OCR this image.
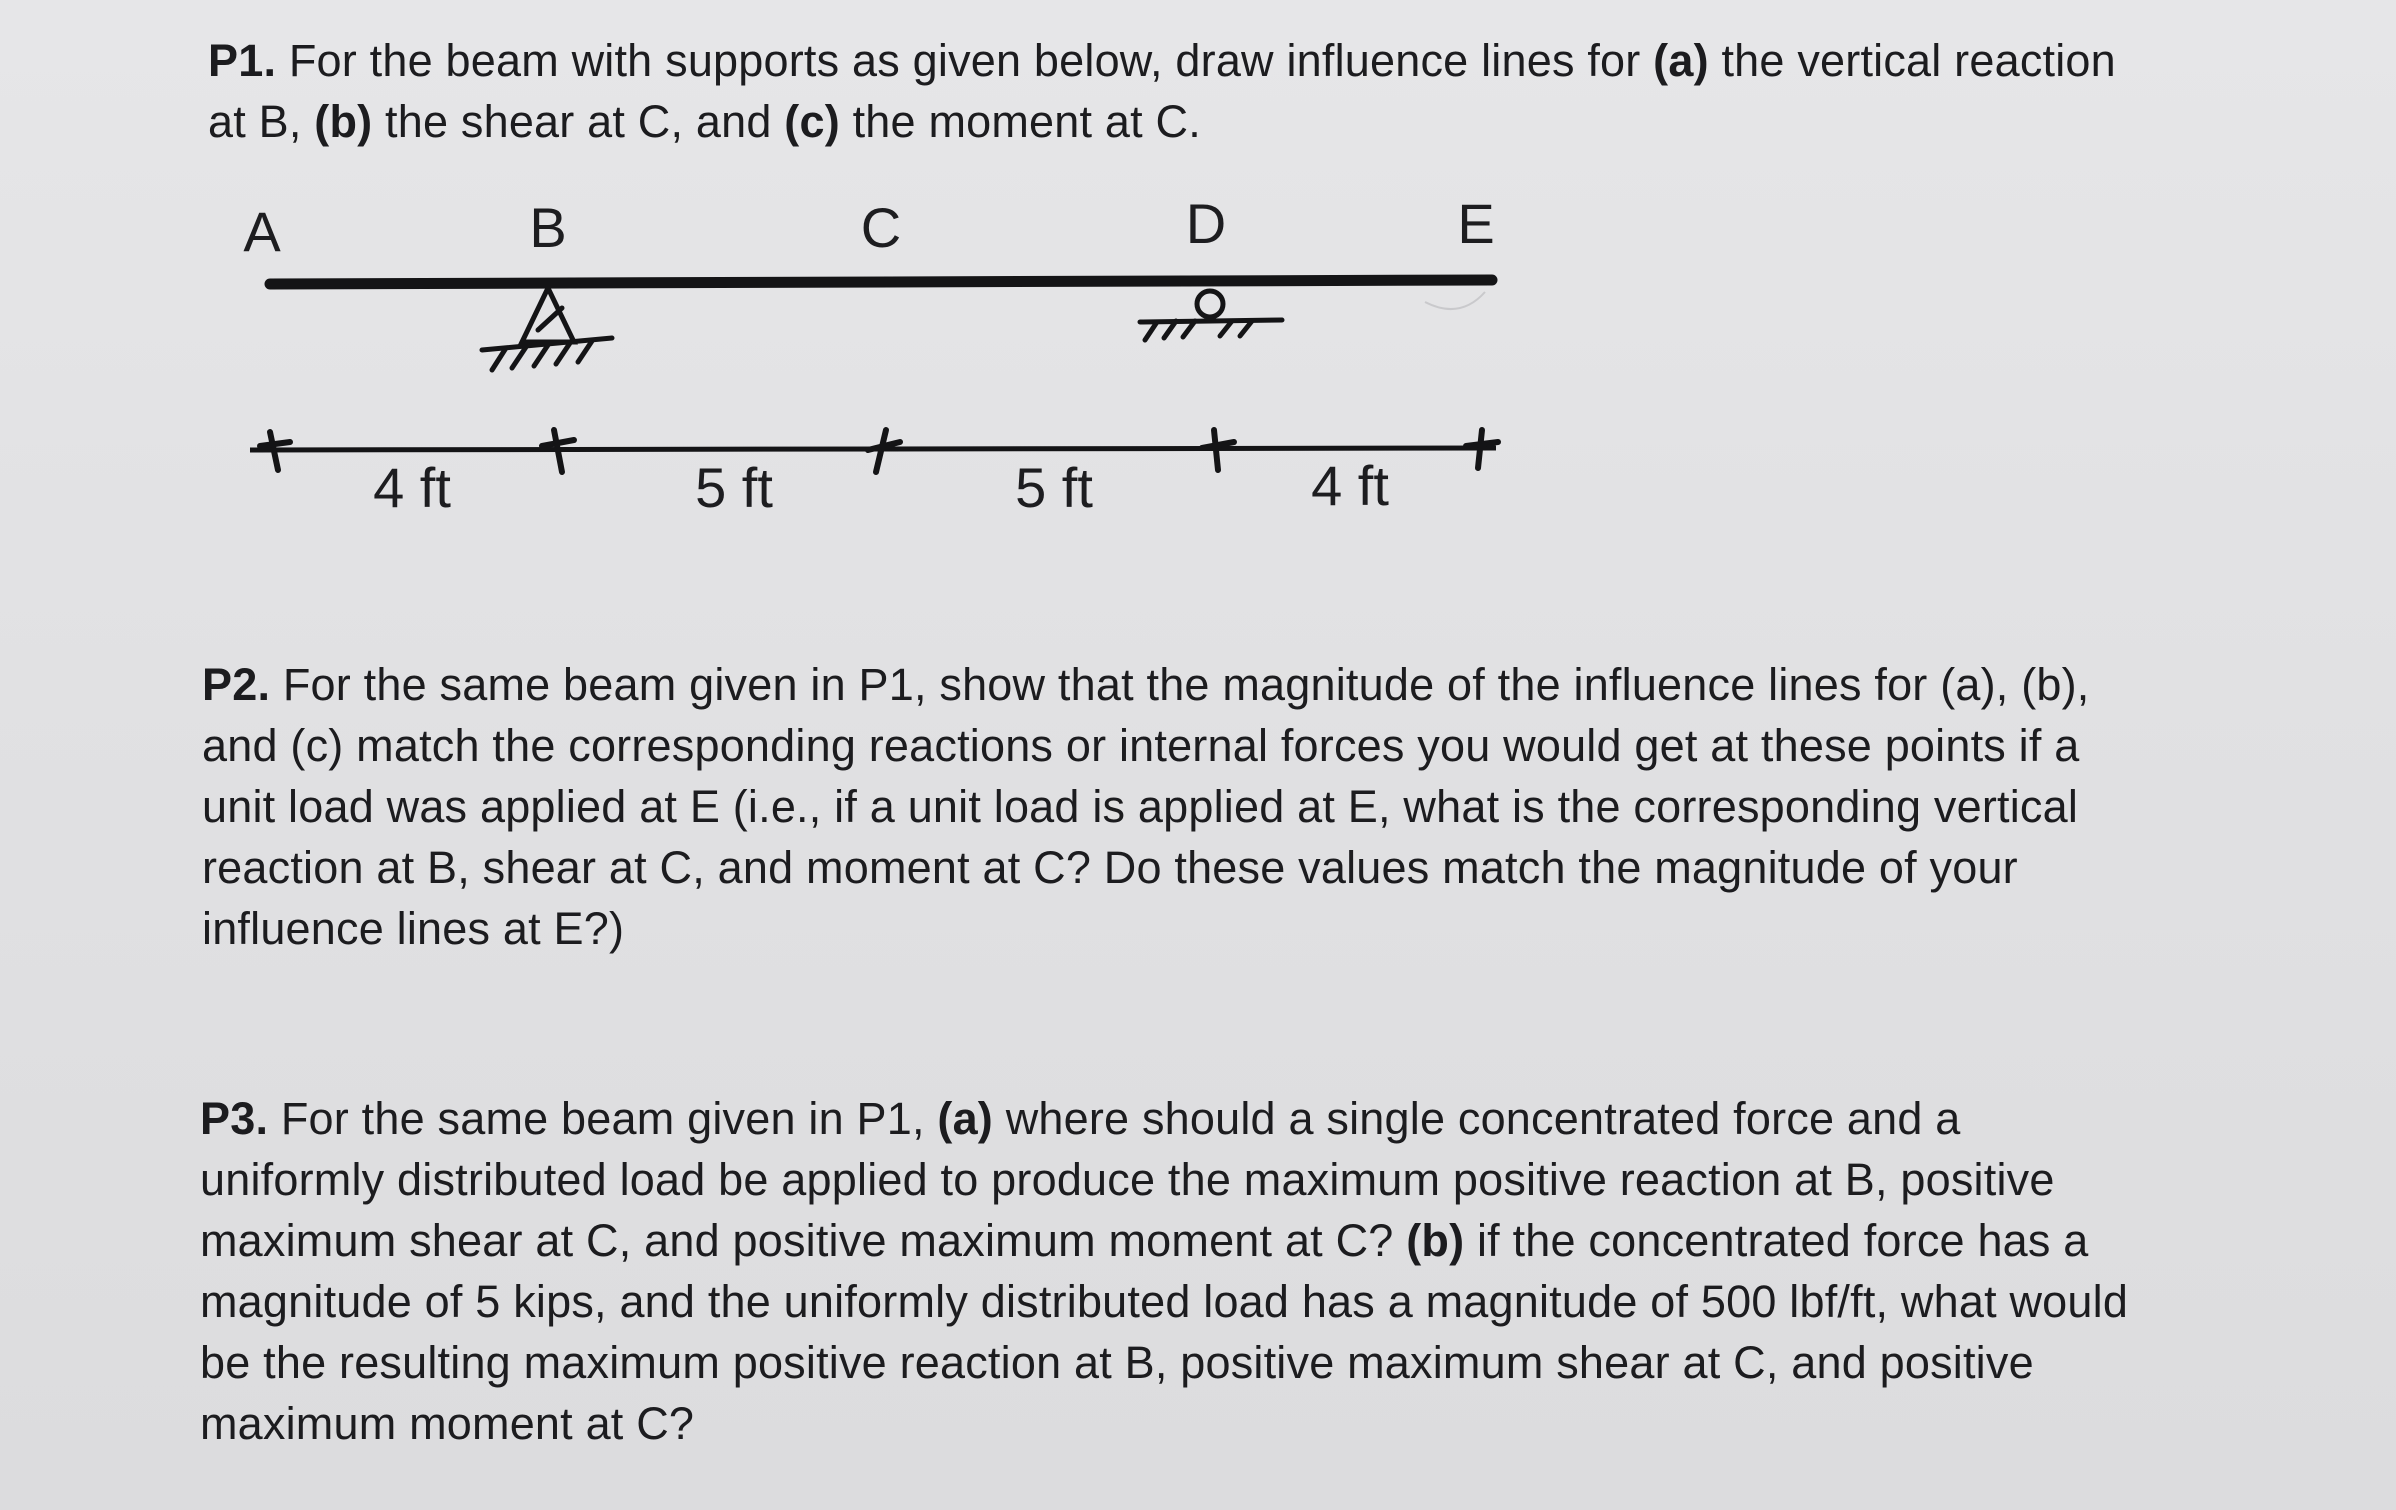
P1. For the beam with supports as given below, draw influence lines for (a) the vertical reaction
at B, (b) the shear at C, and (c) the moment at C.
A	B	C	D	E
4 ft	5 ft	5 ft	4 ft
P2. For the same beam given in P1, show that the magnitude of the influence lines for (a), (b),
and (c) match the corresponding reactions or internal forces you would get at these points if a
unit load was applied at E (i.e., if a unit load is applied at E, what is the corresponding vertical
reaction at B, shear at C, and moment at C? Do these values match the magnitude of your
influence lines at E?)
P3. For the same beam given in P1, (a) where should a single concentrated force and a
uniformly distributed load be applied to produce the maximum positive reaction at B, positive
maximum shear at C, and positive maximum moment at C? (b) if the concentrated force has a
magnitude of 5 kips, and the uniformly distributed load has a magnitude of 500 lbf/ft, what would
be the resulting maximum positive reaction at B, positive maximum shear at C, and positive
maximum moment at C?
